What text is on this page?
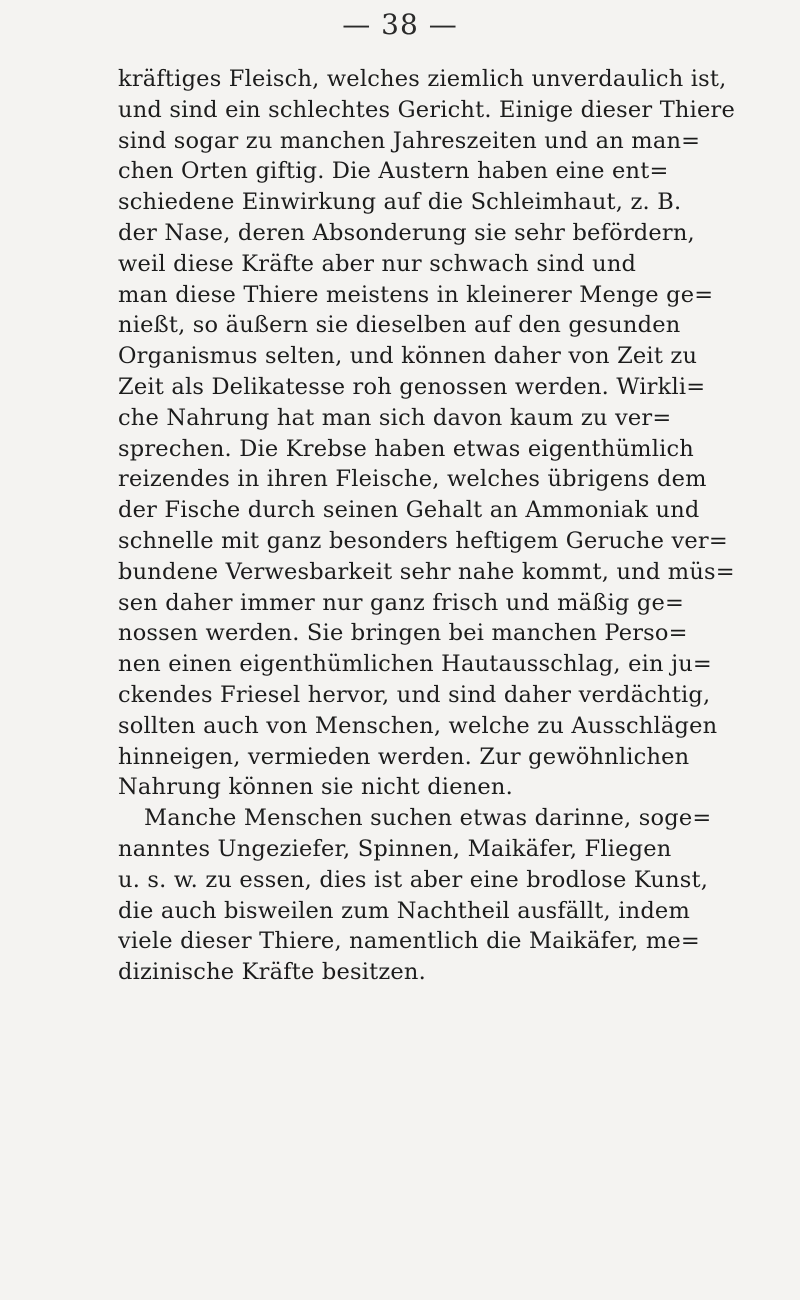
— 38 —
kräftiges Fleisch, welches ziemlich unverdaulich ist,
und sind ein schlechtes Gericht. Einige dieser Thiere
sind sogar zu manchen Jahreszeiten und an man=
chen Orten giftig. Die Austern haben eine ent=
schiedene Einwirkung auf die Schleimhaut, z. B.
der Nase, deren Absonderung sie sehr befördern,
weil diese Kräfte aber nur schwach sind und
man diese Thiere meistens in kleinerer Menge ge=
nießt, so äußern sie dieselben auf den gesunden
Organismus selten, und können daher von Zeit zu
Zeit als Delikatesse roh genossen werden. Wirkli=
che Nahrung hat man sich davon kaum zu ver=
sprechen. Die Krebse haben etwas eigenthümlich
reizendes in ihren Fleische, welches übrigens dem
der Fische durch seinen Gehalt an Ammoniak und
schnelle mit ganz besonders heftigem Geruche ver=
bundene Verwesbarkeit sehr nahe kommt, und müs=
sen daher immer nur ganz frisch und mäßig ge=
nossen werden. Sie bringen bei manchen Perso=
nen einen eigenthümlichen Hautausschlag, ein ju=
ckendes Friesel hervor, und sind daher verdächtig,
sollten auch von Menschen, welche zu Ausschlägen
hinneigen, vermieden werden. Zur gewöhnlichen
Nahrung können sie nicht dienen.
Manche Menschen suchen etwas darinne, soge=
nanntes Ungeziefer, Spinnen, Maikäfer, Fliegen
u. s. w. zu essen, dies ist aber eine brodlose Kunst,
die auch bisweilen zum Nachtheil ausfällt, indem
viele dieser Thiere, namentlich die Maikäfer, me=
dizinische Kräfte besitzen.
